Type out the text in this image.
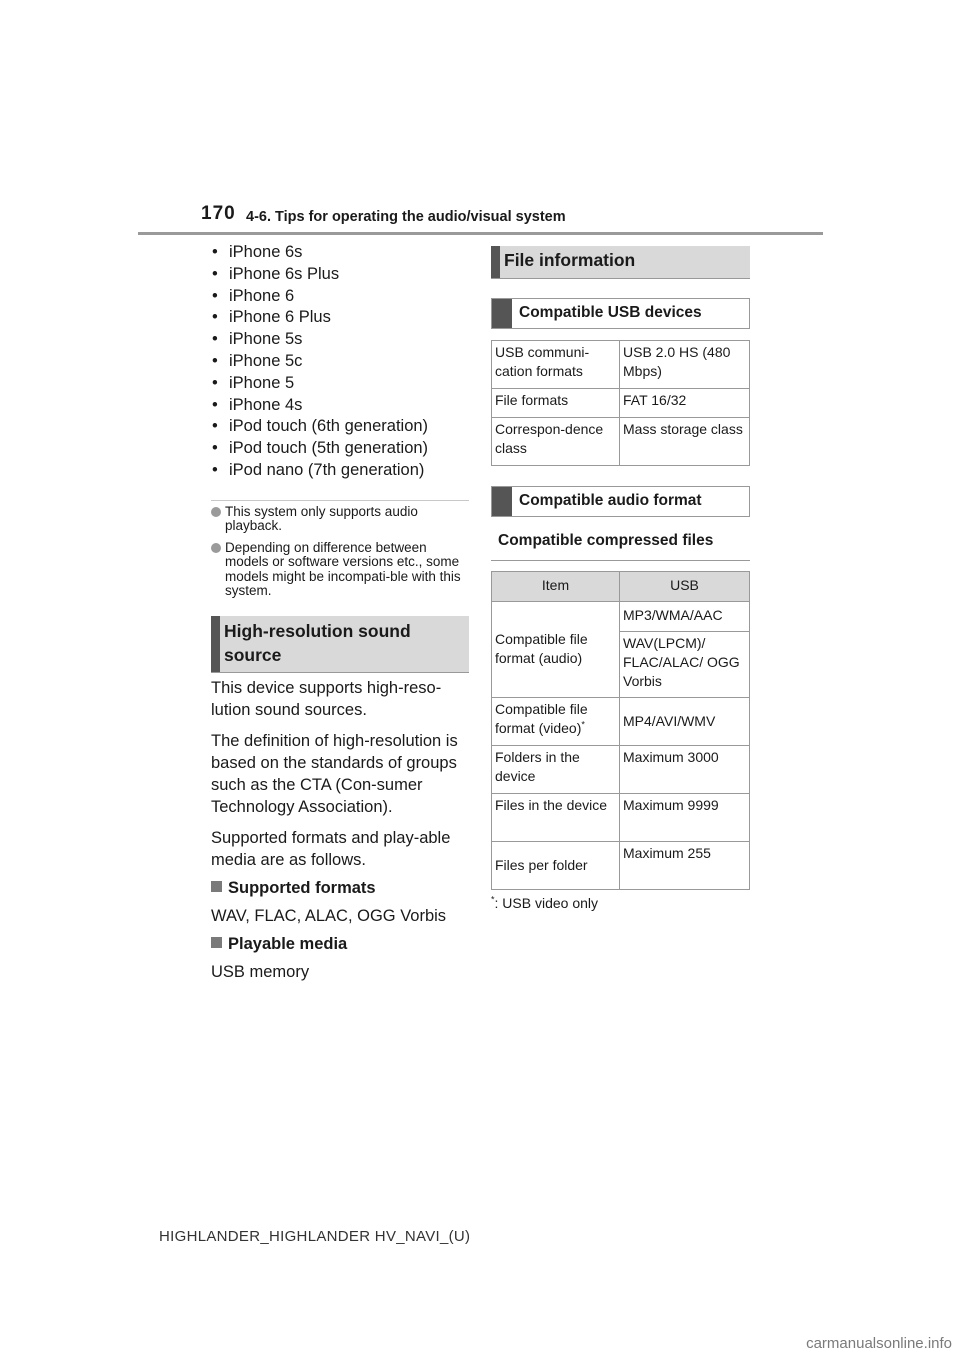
170 4-6. Tips for operating the audio/visual system
• iPhone 6s
• iPhone 6s Plus
• iPhone 6
• iPhone 6 Plus
• iPhone 5s
• iPhone 5c
• iPhone 5
• iPhone 4s
• iPod touch (6th generation)
• iPod touch (5th generation)
• iPod nano (7th generation)
This system only supports audio playback.
Depending on difference between models or software versions etc., some models might be incompati-ble with this system.
High-resolution sound
source

This device supports high-reso-lution sound sources.

The definition of high-resolution is based on the standards of groups such as the CTA (Con-sumer Technology Association).

Supported formats and play-able media are as follows.

Supported formats

WAV, FLAC, ALAC, OGG Vorbis

Playable media

USB memory

File information
Compatible USB devices
USB communi-cation formats	USB 2.0 HS (480 Mbps)
File formats	FAT 16/32
Correspon-dence class	Mass storage class
Compatible audio format
Compatible compressed files
Item	USB
Compatible file format (audio)	MP3/WMA/AAC
	WAV(LPCM)/ FLAC/ALAC/ OGG Vorbis
Compatible file format (video)*	MP4/AVI/WMV
Folders in the device	Maximum 3000
Files in the device	Maximum 9999
Files per folder	Maximum 255
*: USB video only
HIGHLANDER_HIGHLANDER HV_NAVI_(U)
carmanualsonline.info
